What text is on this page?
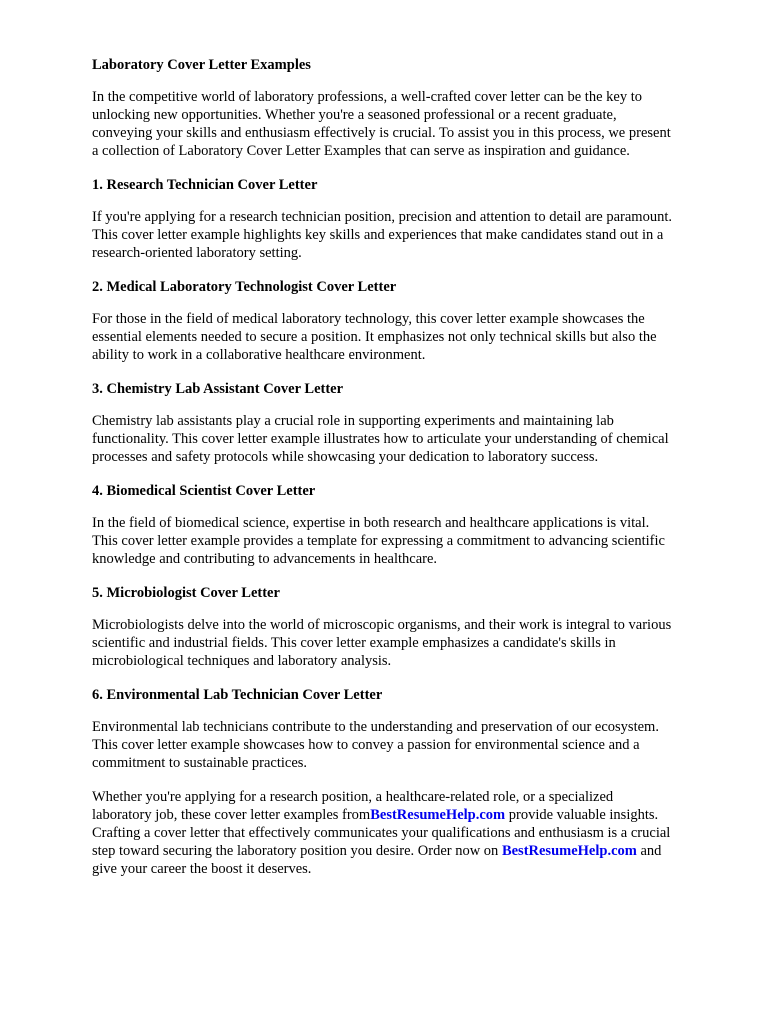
Laboratory Cover Letter Examples

In the competitive world of laboratory professions, a well-crafted cover letter can be the key to unlocking new opportunities. Whether you're a seasoned professional or a recent graduate, conveying your skills and enthusiasm effectively is crucial. To assist you in this process, we present a collection of Laboratory Cover Letter Examples that can serve as inspiration and guidance.

1. Research Technician Cover Letter

If you're applying for a research technician position, precision and attention to detail are paramount. This cover letter example highlights key skills and experiences that make candidates stand out in a research-oriented laboratory setting.

2. Medical Laboratory Technologist Cover Letter

For those in the field of medical laboratory technology, this cover letter example showcases the essential elements needed to secure a position. It emphasizes not only technical skills but also the ability to work in a collaborative healthcare environment.

3. Chemistry Lab Assistant Cover Letter

Chemistry lab assistants play a crucial role in supporting experiments and maintaining lab functionality. This cover letter example illustrates how to articulate your understanding of chemical processes and safety protocols while showcasing your dedication to laboratory success.

4. Biomedical Scientist Cover Letter

In the field of biomedical science, expertise in both research and healthcare applications is vital. This cover letter example provides a template for expressing a commitment to advancing scientific knowledge and contributing to advancements in healthcare.

5. Microbiologist Cover Letter

Microbiologists delve into the world of microscopic organisms, and their work is integral to various scientific and industrial fields. This cover letter example emphasizes a candidate's skills in microbiological techniques and laboratory analysis.

6. Environmental Lab Technician Cover Letter

Environmental lab technicians contribute to the understanding and preservation of our ecosystem. This cover letter example showcases how to convey a passion for environmental science and a commitment to sustainable practices.

Whether you're applying for a research position, a healthcare-related role, or a specialized laboratory job, these cover letter examples fromBestResumeHelp.com provide valuable insights. Crafting a cover letter that effectively communicates your qualifications and enthusiasm is a crucial step toward securing the laboratory position you desire. Order now on BestResumeHelp.com and give your career the boost it deserves.
